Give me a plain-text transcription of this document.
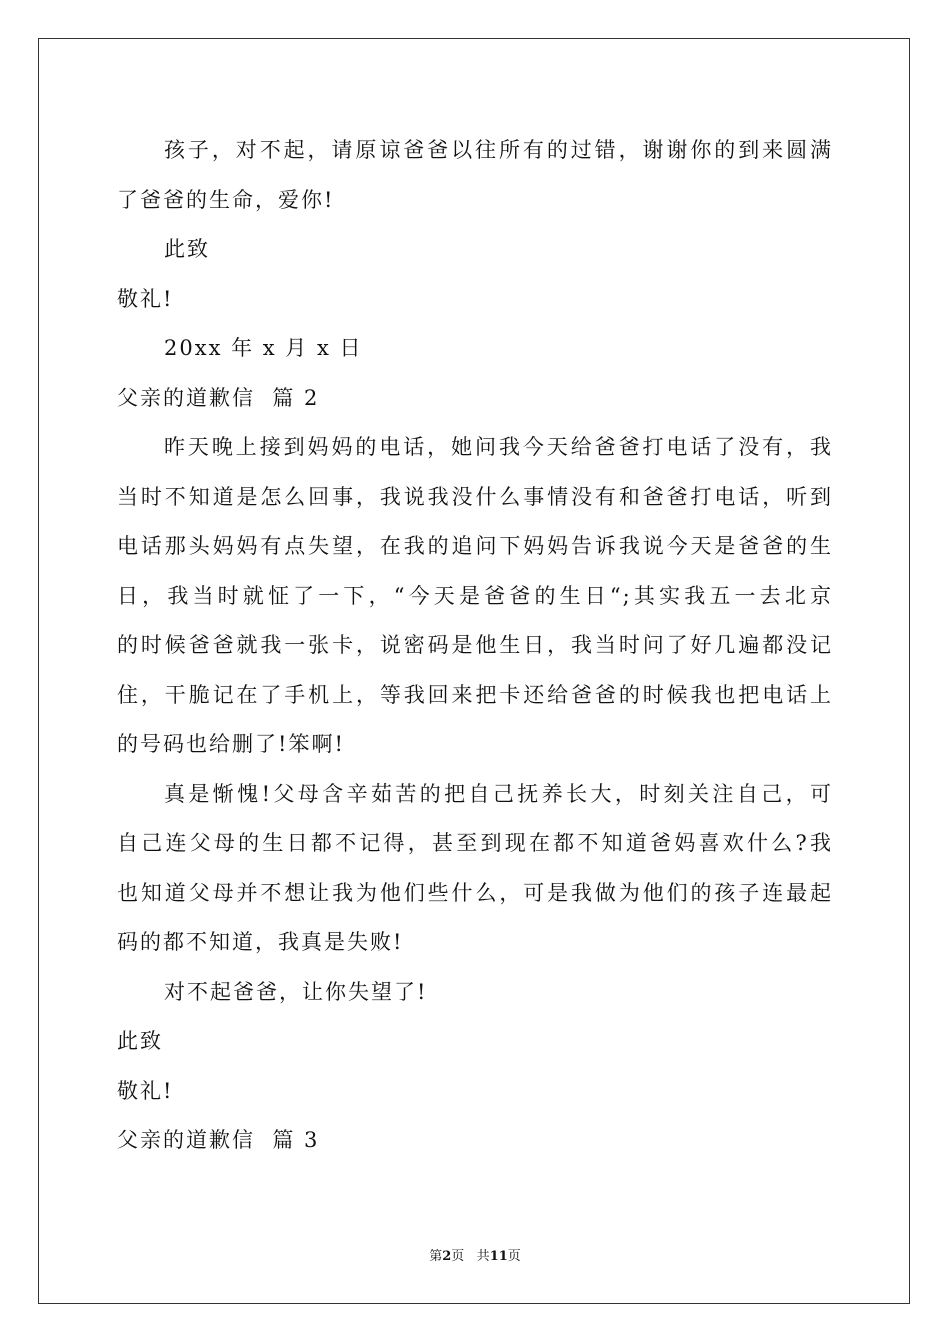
孩子，对不起，请原谅爸爸以往所有的过错，谢谢你的到来圆满
了爸爸的生命，爱你!
此致
敬礼!
20xx 年 x 月 x 日
父亲的道歉信  篇 2
昨天晚上接到妈妈的电话，她问我今天给爸爸打电话了没有，我
当时不知道是怎么回事，我说我没什么事情没有和爸爸打电话，听到
电话那头妈妈有点失望，在我的追问下妈妈告诉我说今天是爸爸的生
日，我当时就怔了一下，“今天是爸爸的生日“;其实我五一去北京
的时候爸爸就我一张卡，说密码是他生日，我当时问了好几遍都没记
住，干脆记在了手机上，等我回来把卡还给爸爸的时候我也把电话上
的号码也给删了!笨啊!
真是惭愧!父母含辛茹苦的把自己抚养长大，时刻关注自己，可
自己连父母的生日都不记得，甚至到现在都不知道爸妈喜欢什么?我
也知道父母并不想让我为他们些什么，可是我做为他们的孩子连最起
码的都不知道，我真是失败!
对不起爸爸，让你失望了!
此致
敬礼!
父亲的道歉信  篇 3
第2页 共11页
